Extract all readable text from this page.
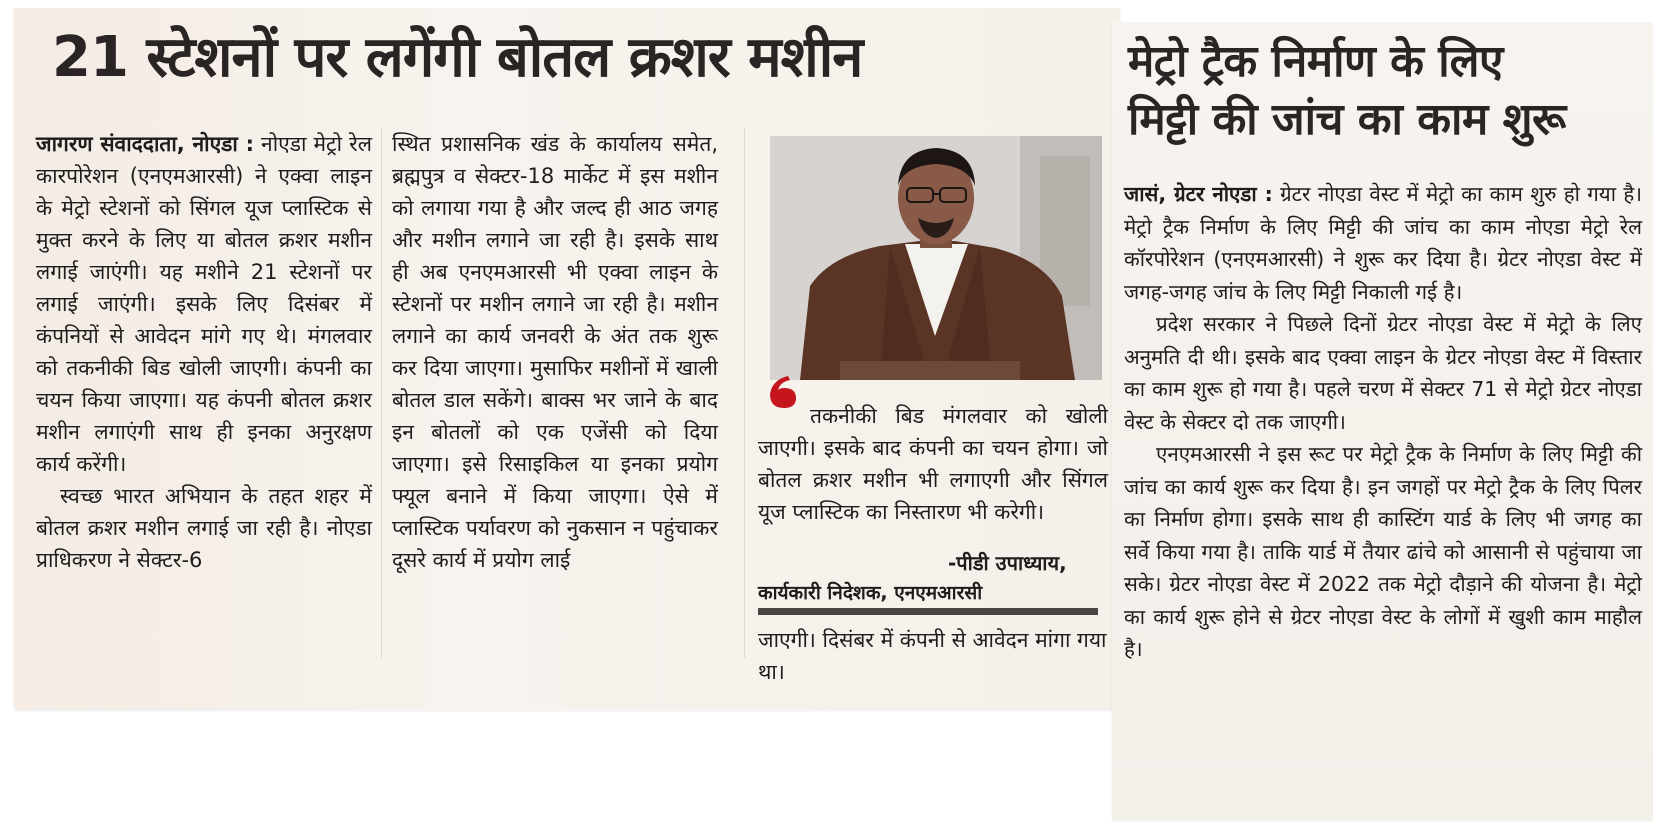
21 स्टेशनों पर लगेंगी बोतल क्रशर मशीन

जागरण संवाददाता, नोएडा : नोएडा मेट्रो रेल कारपोरेशन (एनएमआरसी) ने एक्वा लाइन के मेट्रो स्टेशनों को सिंगल यूज प्लास्टिक से मुक्त करने के लिए या बोतल क्रशर मशीन लगाई जाएंगी। यह मशीने 21 स्टेशनों पर लगाई जाएंगी। इसके लिए दिसंबर में कंपनियों से आवेदन मांगे गए थे। मंगलवार को तकनीकी बिड खोली जाएगी। कंपनी का चयन किया जाएगा। यह कंपनी बोतल क्रशर मशीन लगाएंगी साथ ही इनका अनुरक्षण कार्य करेंगी।

स्वच्छ भारत अभियान के तहत शहर में बोतल क्रशर मशीन लगाई जा रही है। नोएडा प्राधिकरण ने सेक्टर-6

स्थित प्रशासनिक खंड के कार्यालय समेत, ब्रह्मपुत्र व सेक्टर-18 मार्केट में इस मशीन को लगाया गया है और जल्द ही आठ जगह और मशीन लगाने जा रही है। इसके साथ ही अब एनएमआरसी भी एक्वा लाइन के स्टेशनों पर मशीन लगाने जा रही है। मशीन लगाने का कार्य जनवरी के अंत तक शुरू कर दिया जाएगा। मुसाफिर मशीनों में खाली बोतल डाल सकेंगे। बाक्स भर जाने के बाद इन बोतलों को एक एजेंसी को दिया जाएगा। इसे रिसाइकिल या इनका प्रयोग फ्यूल बनाने में किया जाएगा। ऐसे में प्लास्टिक पर्यावरण को नुकसान न पहुंचाकर दूसरे कार्य में प्रयोग लाई

तकनीकी बिड मंगलवार को खोली जाएगी। इसके बाद कंपनी का चयन होगा। जो बोतल क्रशर मशीन भी लगाएगी और सिंगल यूज प्लास्टिक का निस्तारण भी करेगी।
-पीडी उपाध्याय,
कार्यकारी निदेशक, एनएमआरसी

जाएगी। दिसंबर में कंपनी से आवेदन मांगा गया था।

मेट्रो ट्रैक निर्माण के लिए
मिट्टी की जांच का काम शुरू

जासं, ग्रेटर नोएडा : ग्रेटर नोएडा वेस्ट में मेट्रो का काम शुरु हो गया है। मेट्रो ट्रैक निर्माण के लिए मिट्टी की जांच का काम नोएडा मेट्रो रेल कॉरपोरेशन (एनएमआरसी) ने शुरू कर दिया है। ग्रेटर नोएडा वेस्ट में जगह-जगह जांच के लिए मिट्टी निकाली गई है।

प्रदेश सरकार ने पिछले दिनों ग्रेटर नोएडा वेस्ट में मेट्रो के लिए अनुमति दी थी। इसके बाद एक्वा लाइन के ग्रेटर नोएडा वेस्ट में विस्तार का काम शुरू हो गया है। पहले चरण में सेक्टर 71 से मेट्रो ग्रेटर नोएडा वेस्ट के सेक्टर दो तक जाएगी।

एनएमआरसी ने इस रूट पर मेट्रो ट्रैक के निर्माण के लिए मिट्टी की जांच का कार्य शुरू कर दिया है। इन जगहों पर मेट्रो ट्रैक के लिए पिलर का निर्माण होगा। इसके साथ ही कास्टिंग यार्ड के लिए भी जगह का सर्वे किया गया है। ताकि यार्ड में तैयार ढांचे को आसानी से पहुंचाया जा सके। ग्रेटर नोएडा वेस्ट में 2022 तक मेट्रो दौड़ाने की योजना है। मेट्रो का कार्य शुरू होने से ग्रेटर नोएडा वेस्ट के लोगों में खुशी काम माहौल है।
